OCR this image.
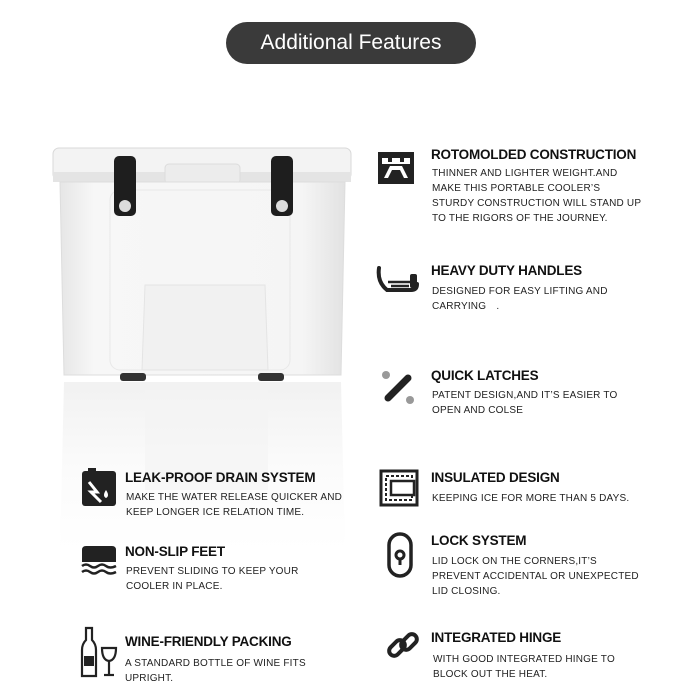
Additional Features
ROTOMOLDED CONSTRUCTION
THINNER AND LIGHTER WEIGHT.AND MAKE THIS PORTABLE COOLER’S STURDY CONSTRUCTION WILL STAND UP TO THE RIGORS OF THE JOURNEY.
HEAVY DUTY HANDLES
DESIGNED FOR EASY LIFTING AND CARRYING　.
QUICK LATCHES
PATENT DESIGN,AND IT’S EASIER TO OPEN AND COLSE
INSULATED DESIGN
KEEPING ICE FOR MORE THAN 5 DAYS.
LOCK SYSTEM
LID LOCK ON THE CORNERS,IT’S PREVENT ACCIDENTAL OR UNEXPECTED LID CLOSING.
INTEGRATED HINGE
WITH GOOD INTEGRATED HINGE TO BLOCK OUT THE HEAT.
LEAK-PROOF DRAIN SYSTEM
MAKE THE WATER RELEASE QUICKER AND KEEP LONGER ICE RELATION TIME.
NON-SLIP FEET
PREVENT SLIDING TO KEEP YOUR COOLER IN PLACE.
WINE-FRIENDLY PACKING
A STANDARD BOTTLE OF WINE FITS UPRIGHT.
